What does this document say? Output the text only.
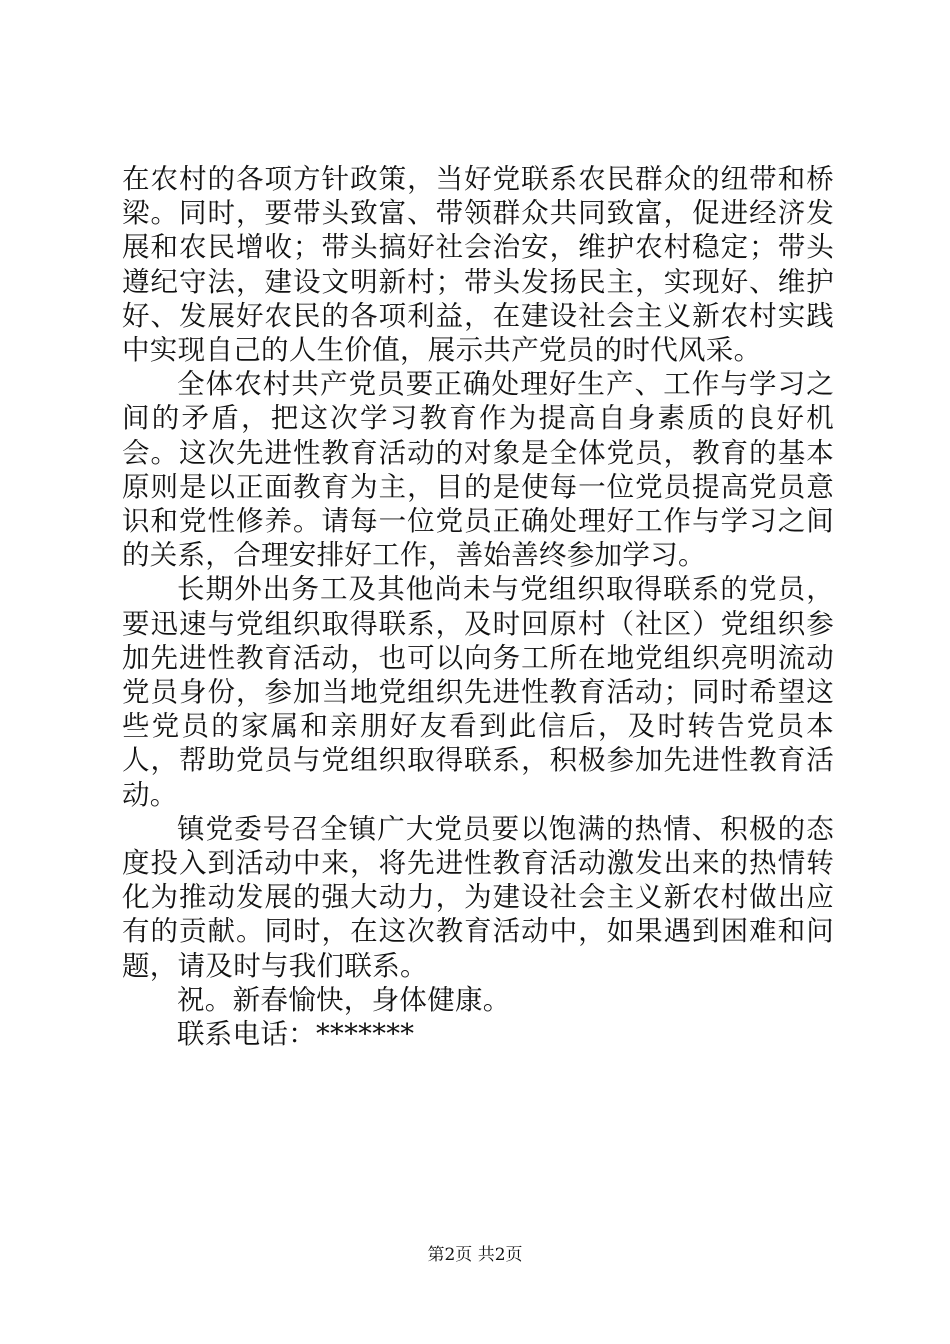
在农村的各项方针政策，当好党联系农民群众的纽带和桥梁。同时，要带头致富、带领群众共同致富，促进经济发展和农民增收；带头搞好社会治安，维护农村稳定；带头遵纪守法，建设文明新村；带头发扬民主，实现好、维护好、发展好农民的各项利益，在建设社会主义新农村实践中实现自己的人生价值，展示共产党员的时代风采。

全体农村共产党员要正确处理好生产、工作与学习之间的矛盾，把这次学习教育作为提高自身素质的良好机会。这次先进性教育活动的对象是全体党员，教育的基本原则是以正面教育为主，目的是使每一位党员提高党员意识和党性修养。请每一位党员正确处理好工作与学习之间的关系，合理安排好工作，善始善终参加学习。

长期外出务工及其他尚未与党组织取得联系的党员，要迅速与党组织取得联系，及时回原村（社区）党组织参加先进性教育活动，也可以向务工所在地党组织亮明流动党员身份，参加当地党组织先进性教育活动；同时希望这些党员的家属和亲朋好友看到此信后，及时转告党员本人，帮助党员与党组织取得联系，积极参加先进性教育活动。

镇党委号召全镇广大党员要以饱满的热情、积极的态度投入到活动中来，将先进性教育活动激发出来的热情转化为推动发展的强大动力，为建设社会主义新农村做出应有的贡献。同时，在这次教育活动中，如果遇到困难和问题，请及时与我们联系。

祝。新春愉快，身体健康。

联系电话：*******

第2页 共2页
